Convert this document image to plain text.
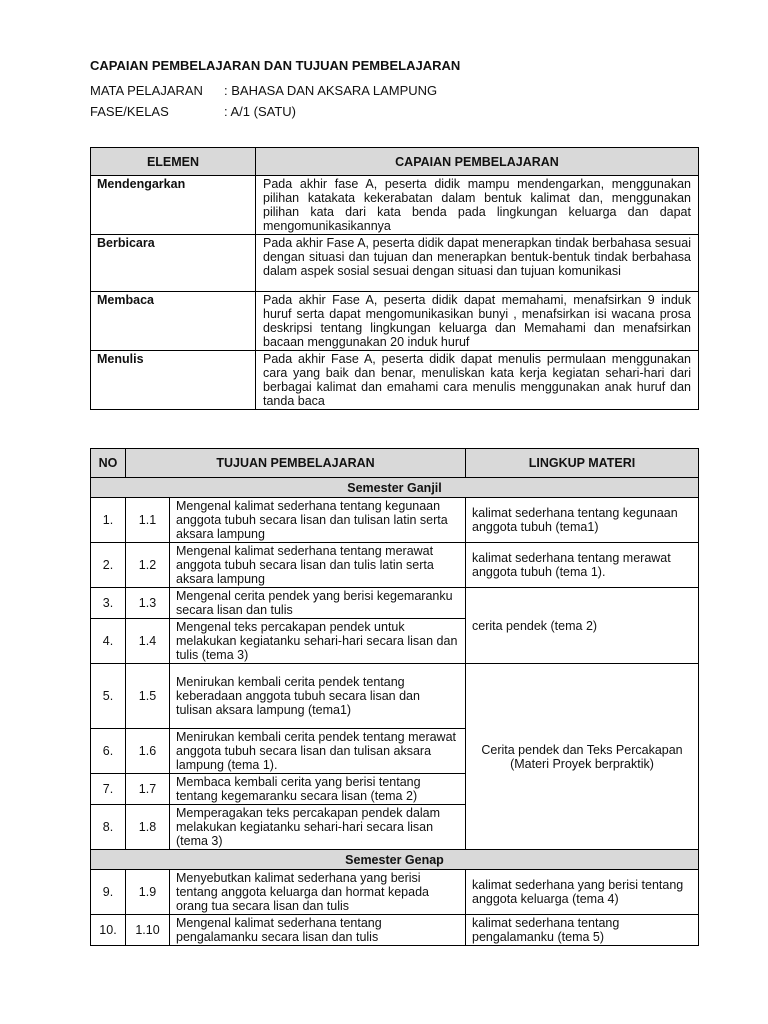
CAPAIAN PEMBELAJARAN DAN TUJUAN PEMBELAJARAN
MATA PELAJARAN : BAHASA DAN AKSARA LAMPUNG
FASE/KELAS	: A/1 (SATU)
ELEMEN	CAPAIAN PEMBELAJARAN
Mendengarkan	Pada akhir fase A, peserta didik mampu mendengarkan, menggunakan pilihan katakata kekerabatan dalam bentuk kalimat dan, menggunakan pilihan kata dari kata benda pada lingkungan keluarga dan dapat mengomunikasikannya
Berbicara	Pada akhir Fase A, peserta didik dapat menerapkan tindak berbahasa sesuai dengan situasi dan tujuan dan menerapkan bentuk-bentuk tindak berbahasa dalam aspek sosial sesuai dengan situasi dan tujuan komunikasi
Membaca	Pada akhir Fase A, peserta didik dapat memahami, menafsirkan 9 induk huruf serta dapat mengomunikasikan bunyi , menafsirkan isi wacana prosa deskripsi tentang lingkungan keluarga dan Memahami dan menafsirkan bacaan menggunakan 20 induk huruf
Menulis	Pada akhir Fase A, peserta didik dapat menulis permulaan menggunakan cara yang baik dan benar, menuliskan kata kerja kegiatan sehari-hari dari berbagai kalimat dan emahami cara menulis menggunakan anak huruf dan tanda baca
NO	TUJUAN PEMBELAJARAN		LINGKUP MATERI
Semester Ganjil			
1.	1.1	Mengenal kalimat sederhana tentang kegunaan anggota tubuh secara lisan dan tulisan latin serta aksara lampung	kalimat sederhana tentang kegunaan anggota tubuh (tema1)
2.	1.2	Mengenal kalimat sederhana tentang merawat anggota tubuh secara lisan dan tulis latin serta aksara lampung	kalimat sederhana tentang merawat anggota tubuh (tema 1).
3.	1.3	Mengenal cerita pendek yang berisi kegemaranku secara lisan dan tulis	cerita pendek (tema 2)
4.	1.4	Mengenal teks percakapan pendek untuk melakukan kegiatanku sehari-hari secara lisan dan tulis (tema 3)	
5.	1.5	Menirukan kembali cerita pendek tentang keberadaan anggota tubuh secara lisan dan tulisan aksara lampung (tema1)	Cerita pendek dan Teks Percakapan (Materi Proyek berpraktik)
6.	1.6	Menirukan kembali cerita pendek tentang merawat anggota tubuh secara lisan dan tulisan aksara lampung (tema 1).	
7.	1.7	Membaca kembali cerita yang berisi tentang tentang kegemaranku secara lisan (tema 2)	
8.	1.8	Memperagakan teks percakapan pendek dalam melakukan kegiatanku sehari-hari secara lisan (tema 3)	
Semester Genap			
9.	1.9	Menyebutkan kalimat sederhana yang berisi tentang anggota keluarga dan hormat kepada orang tua secara lisan dan tulis	kalimat sederhana yang berisi tentang anggota keluarga (tema 4)
10.	1.10	Mengenal kalimat sederhana tentang pengalamanku secara lisan dan tulis	kalimat sederhana tentang pengalamanku (tema 5)
